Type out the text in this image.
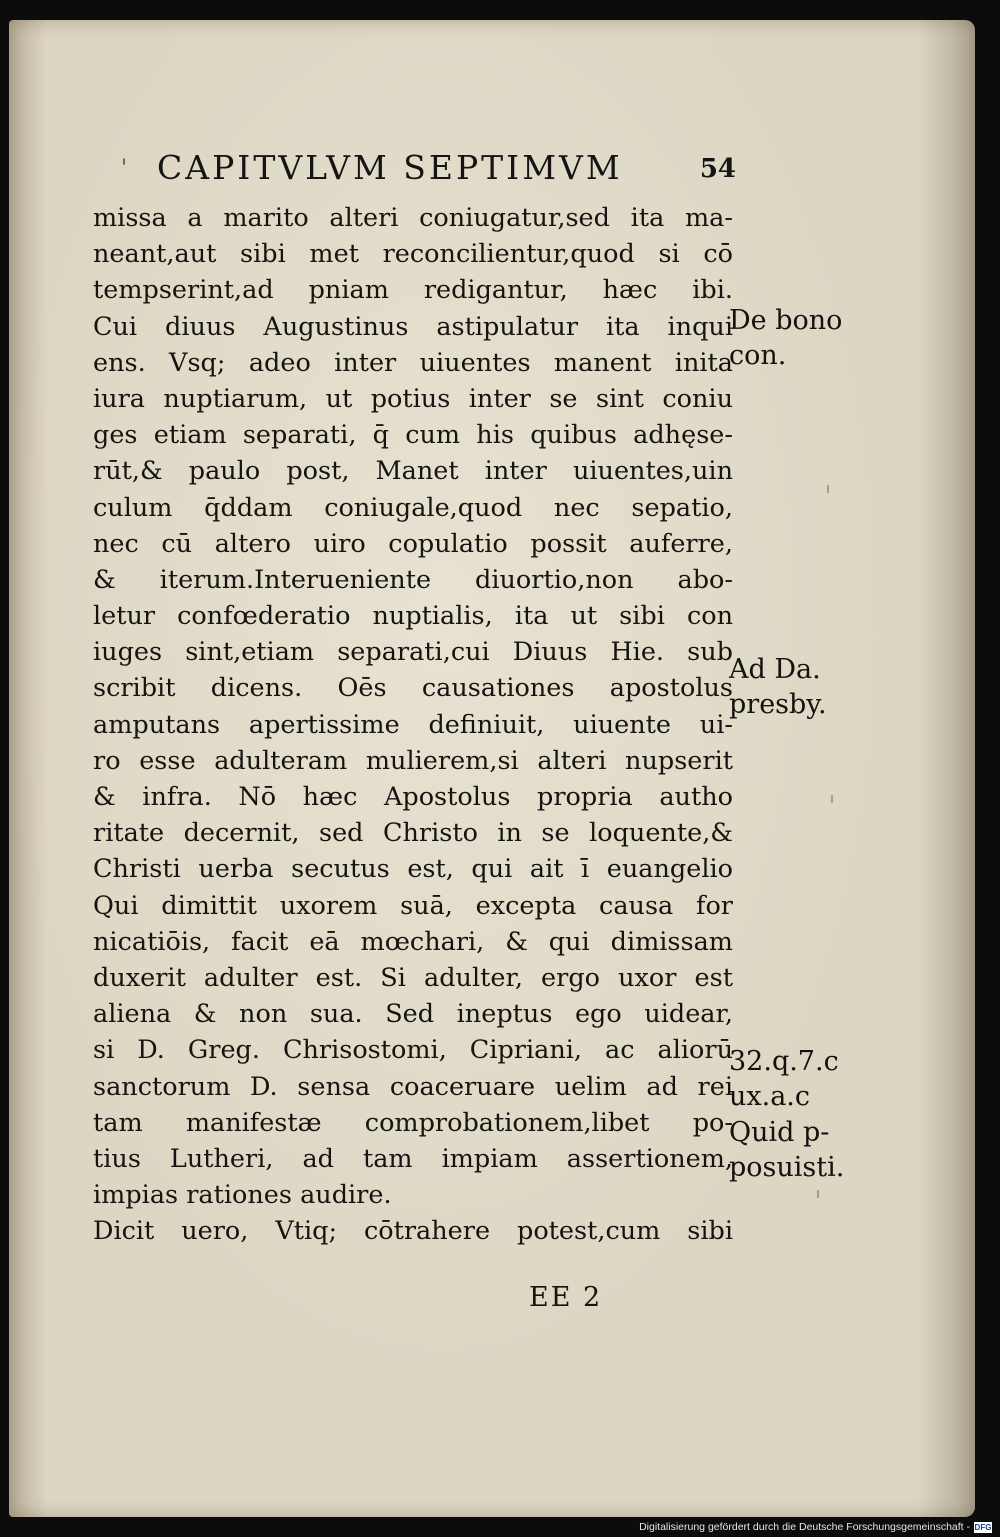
' CAPITVLVM SEPTIMVM	54
missa a marito alteri coniugatur,sed ita ma-
neant,aut sibi met reconcilientur,quod si cō
tempserint,ad pniam redigantur, hæc ibi.
Cui diuus Augustinus astipulatur ita inqui
ens. Vsq; adeo inter uiuentes manent inita
iura nuptiarum, ut potius inter se sint coniu
ges etiam separati, q̄ cum his quibus adhęse-
rūt,& paulo post, Manet inter uiuentes,uin
culum q̄ddam coniugale,quod nec sepatio,
nec cū altero uiro copulatio possit auferre,
& iterum.Interueniente diuortio,non abo-
letur confœderatio nuptialis, ita ut sibi con
iuges sint,etiam separati,cui Diuus Hie. sub
scribit dicens. Oēs causationes apostolus
amputans apertissime definiuit, uiuente ui-
ro esse adulteram mulierem,si alteri nupserit
& infra. Nō hæc Apostolus propria autho
ritate decernit, sed Christo in se loquente,&
Christi uerba secutus est, qui ait ī euangelio
Qui dimittit uxorem suā, excepta causa for
nicatiōis, facit eā mœchari, & qui dimissam
duxerit adulter est. Si adulter, ergo uxor est
aliena & non sua. Sed ineptus ego uidear,
si D. Greg. Chrisostomi, Cipriani, ac aliorū
sanctorum D. sensa coaceruare uelim ad rei
tam manifestæ comprobationem,libet po-
tius Lutheri, ad tam impiam assertionem,
impias rationes audire.
Dicit uero, Vtiq; cōtrahere potest,cum sibi
EE 2
De bono
con.
Ad Da.
presby.
32.q.7.c
ux.a.c
Quid p-
posuisti.
Digitalisierung gefördert durch die Deutsche Forschungsgemeinschaft - DFG
